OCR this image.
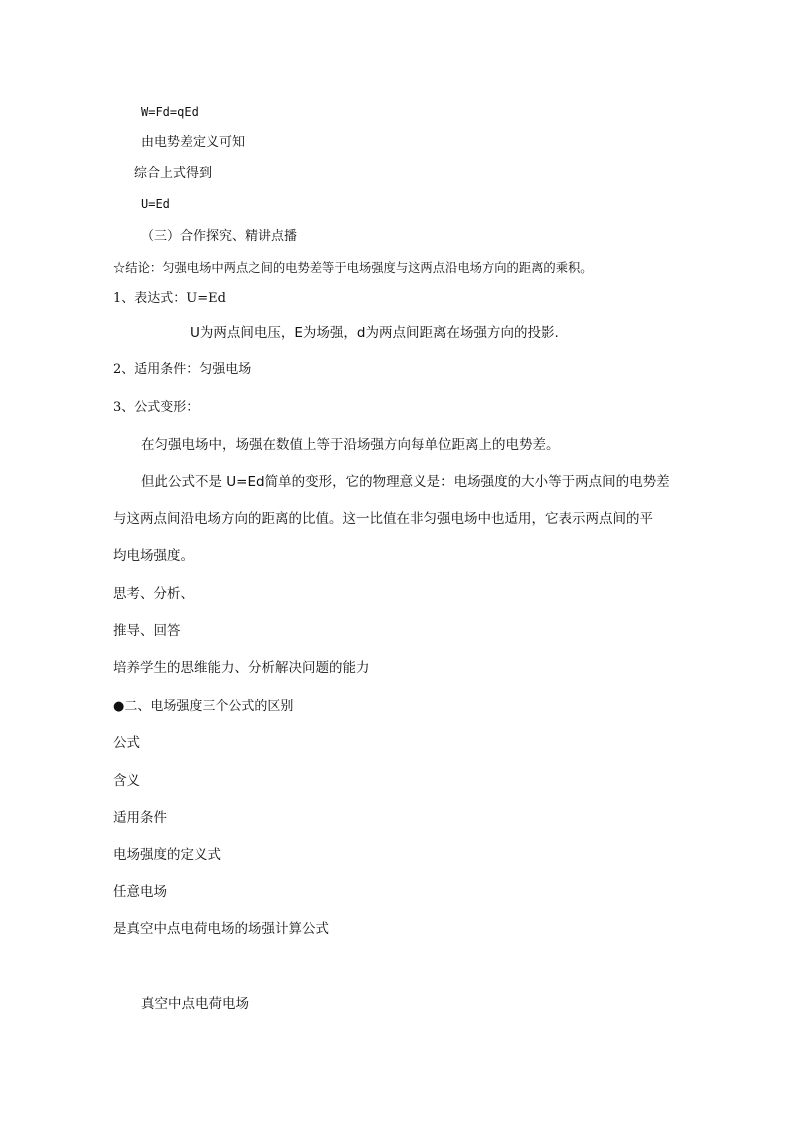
W=Fd=qEd
由电势差定义可知
综合上式得到
U=Ed
（三）合作探究、精讲点播
☆结论：匀强电场中两点之间的电势差等于电场强度与这两点沿电场方向的距离的乘积。
1、表达式：U=Ed
U为两点间电压，E为场强，d为两点间距离在场强方向的投影.
2、适用条件：匀强电场
3、公式变形：
在匀强电场中，场强在数值上等于沿场强方向每单位距离上的电势差。
但此公式不是 U=Ed简单的变形，它的物理意义是：电场强度的大小等于两点间的电势差
与这两点间沿电场方向的距离的比值。这一比值在非匀强电场中也适用，它表示两点间的平
均电场强度。
思考、分析、
推导、回答
培养学生的思维能力、分析解决问题的能力
●二、电场强度三个公式的区别
公式
含义
适用条件
电场强度的定义式
任意电场
是真空中点电荷电场的场强计算公式
真空中点电荷电场
